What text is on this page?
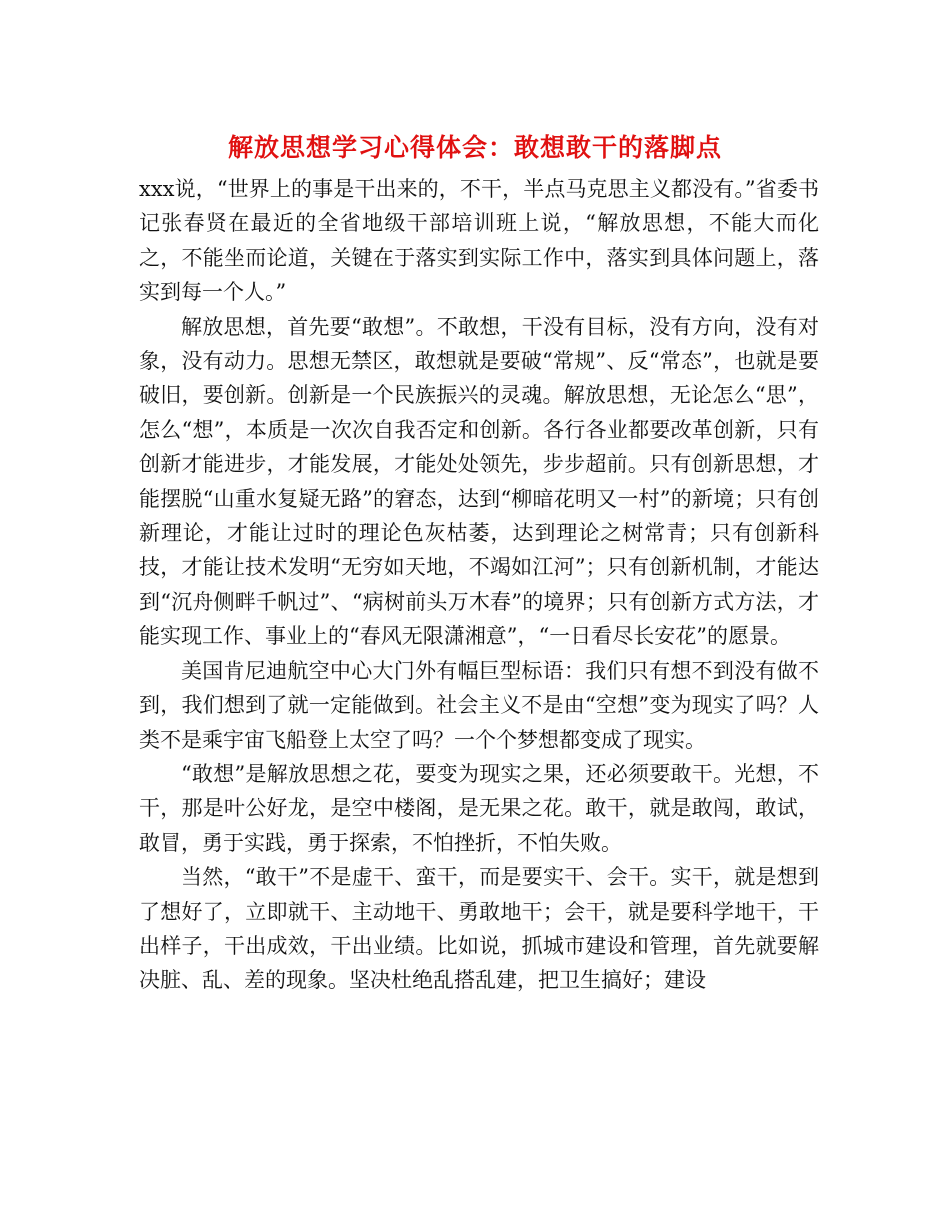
解放思想学习心得体会：敢想敢干的落脚点

xxx说，“世界上的事是干出来的，不干，半点马克思主义都没有。”省委书记张春贤在最近的全省地级干部培训班上说，“解放思想，不能大而化之，不能坐而论道，关键在于落实到实际工作中，落实到具体问题上，落实到每一个人。”

解放思想，首先要“敢想”。不敢想，干没有目标，没有方向，没有对象，没有动力。思想无禁区，敢想就是要破“常规”、反“常态”，也就是要破旧，要创新。创新是一个民族振兴的灵魂。解放思想，无论怎么“思”，怎么“想”，本质是一次次自我否定和创新。各行各业都要改革创新，只有创新才能进步，才能发展，才能处处领先，步步超前。只有创新思想，才能摆脱“山重水复疑无路”的窘态，达到“柳暗花明又一村”的新境；只有创新理论，才能让过时的理论色灰枯萎，达到理论之树常青；只有创新科技，才能让技术发明“无穷如天地，不竭如江河”；只有创新机制，才能达到“沉舟侧畔千帆过”、“病树前头万木春”的境界；只有创新方式方法，才能实现工作、事业上的“春风无限潇湘意”，“一日看尽长安花”的愿景。

美国肯尼迪航空中心大门外有幅巨型标语：我们只有想不到没有做不到，我们想到了就一定能做到。社会主义不是由“空想”变为现实了吗？人类不是乘宇宙飞船登上太空了吗？一个个梦想都变成了现实。

“敢想”是解放思想之花，要变为现实之果，还必须要敢干。光想，不干，那是叶公好龙，是空中楼阁，是无果之花。敢干，就是敢闯，敢试，敢冒，勇于实践，勇于探索，不怕挫折，不怕失败。

当然，“敢干”不是虚干、蛮干，而是要实干、会干。实干，就是想到了想好了，立即就干、主动地干、勇敢地干；会干，就是要科学地干，干出样子，干出成效，干出业绩。比如说，抓城市建设和管理，首先就要解决脏、乱、差的现象。坚决杜绝乱搭乱建，把卫生搞好；建设
